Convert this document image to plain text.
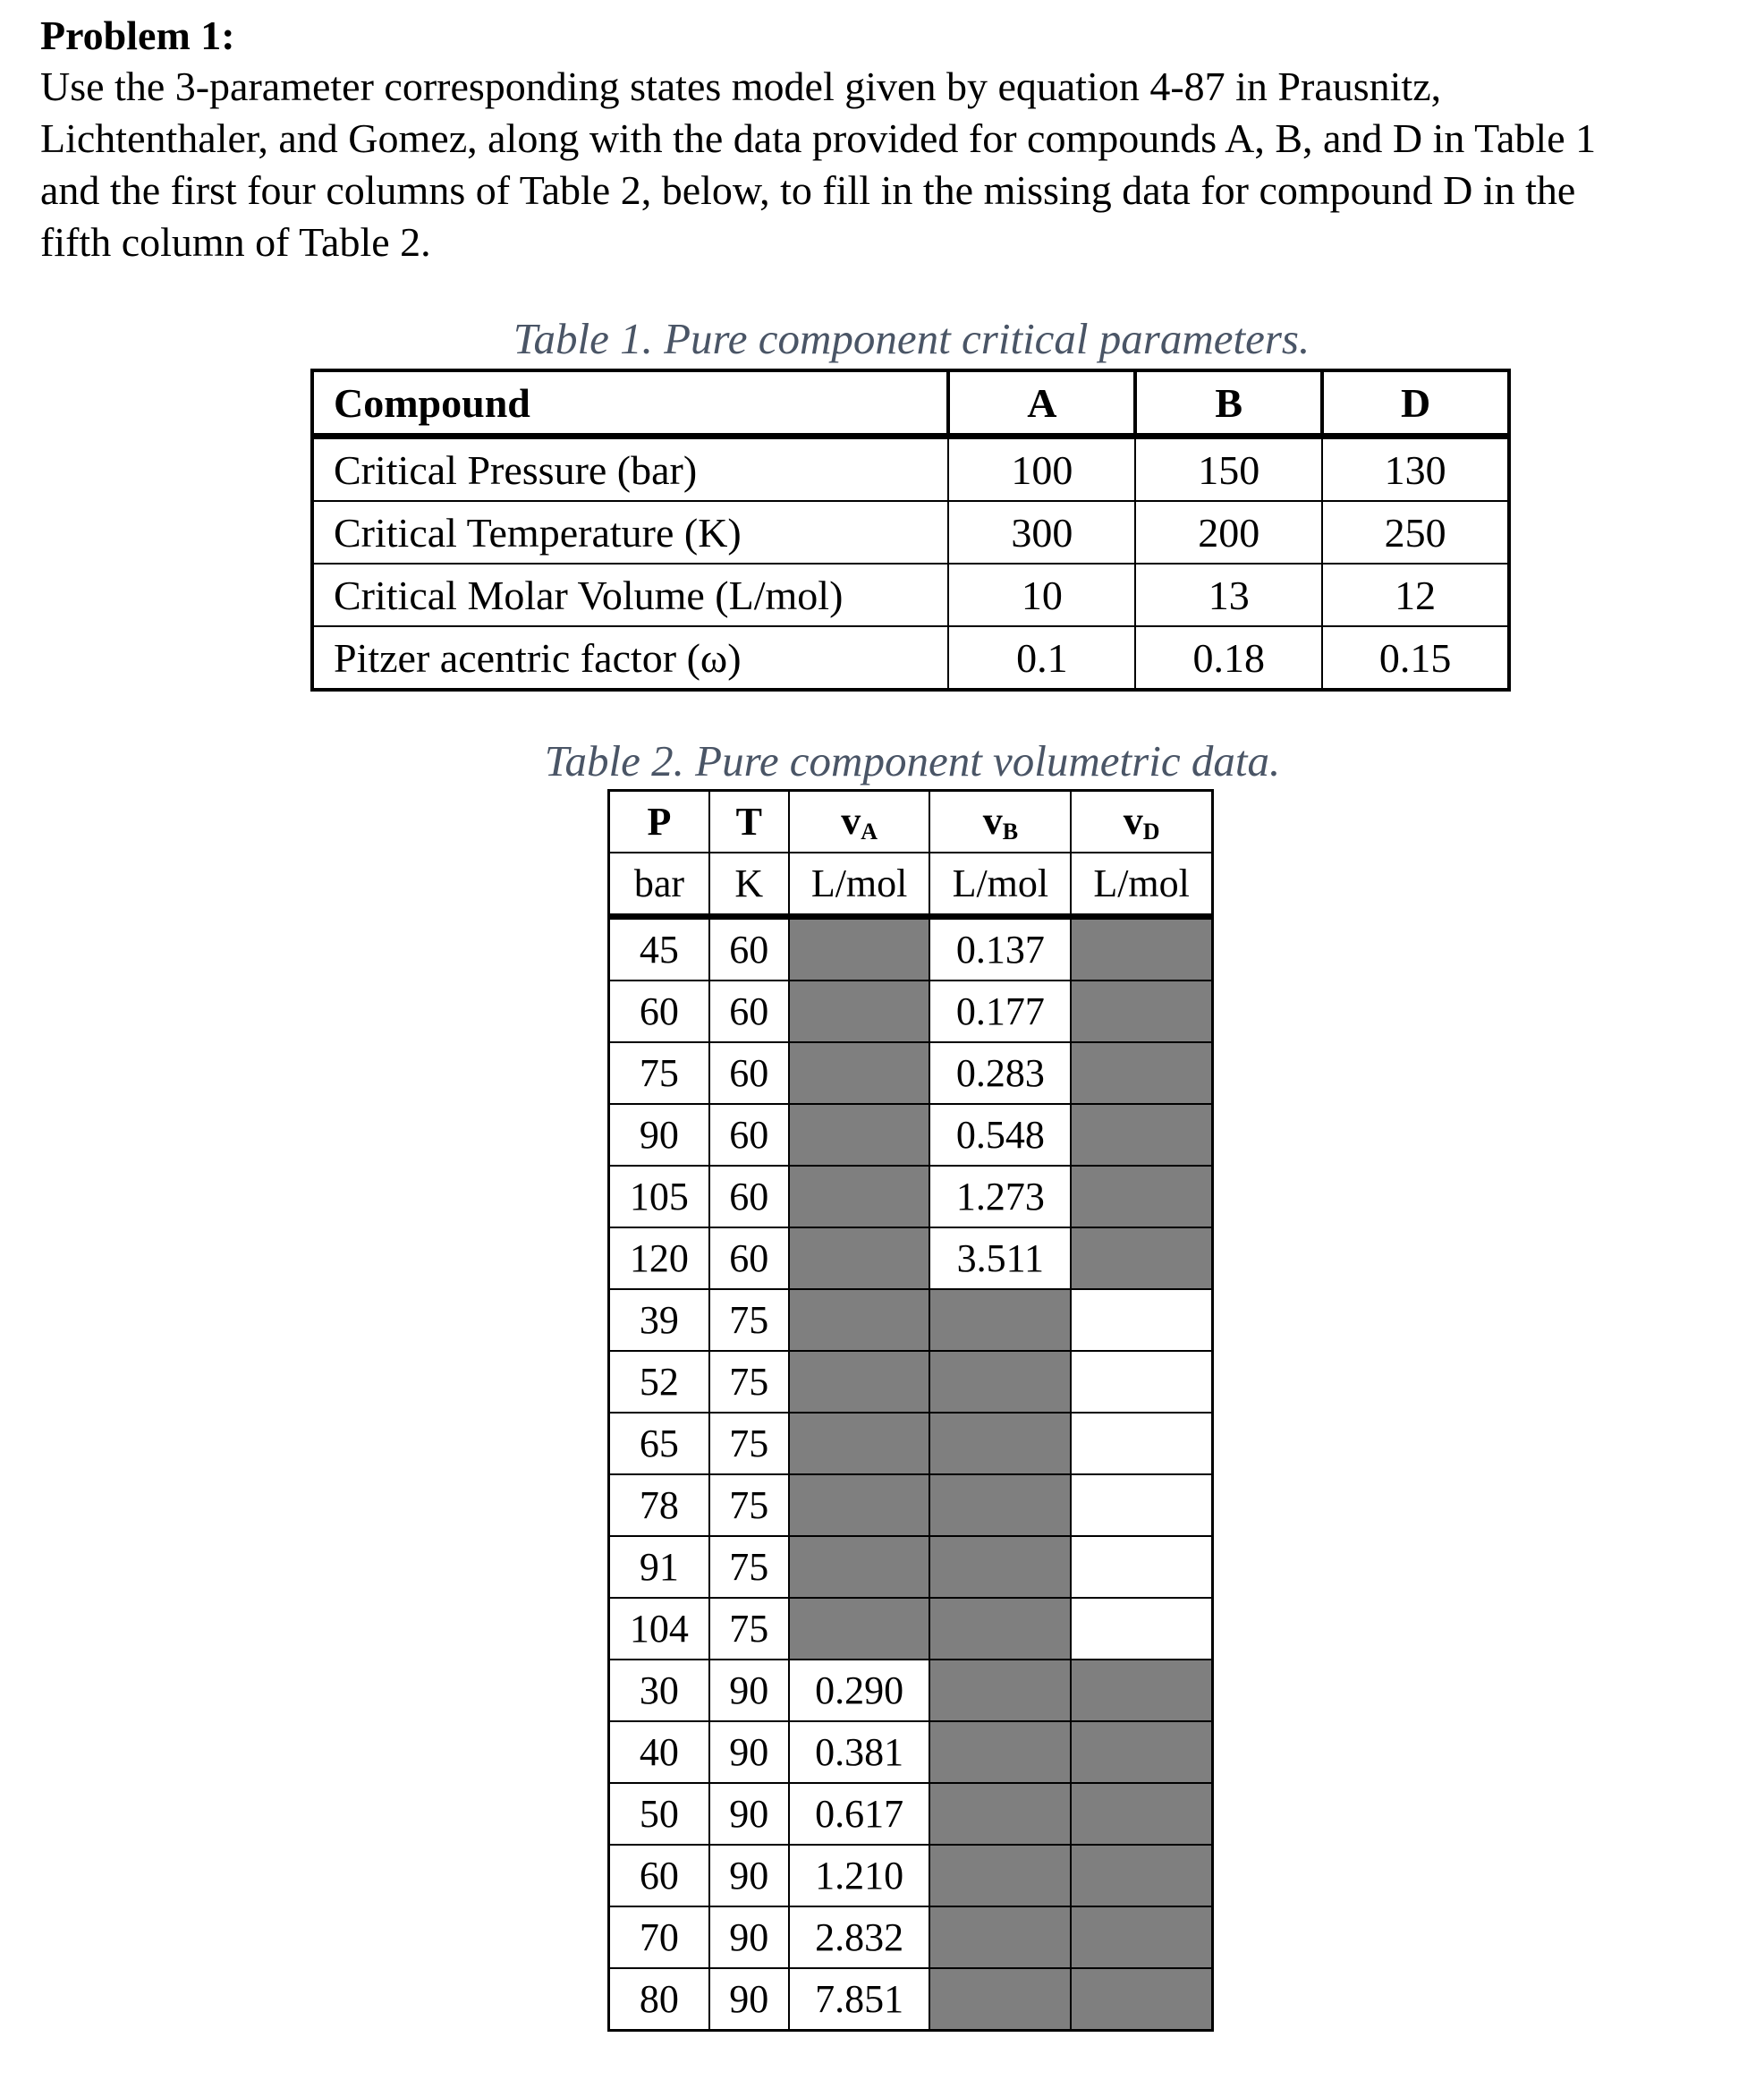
Problem 1:

Use the 3-parameter corresponding states model given by equation 4-87 in Prausnitz,
Lichtenthaler, and Gomez, along with the data provided for compounds A, B, and D in Table 1
and the first four columns of Table 2, below, to fill in the missing data for compound D in the
fifth column of Table 2.

Table 1. Pure component critical parameters.

Compound	A	B	D
Critical Pressure (bar)	100	150	130
Critical Temperature (K)	300	200	250
Critical Molar Volume (L/mol)	10	13	12
Pitzer acentric factor (ω)	0.1	0.18	0.15

Table 2. Pure component volumetric data.

P	T	$v_A$	$v_B$	$v_D$
bar	K	L/mol	L/mol	L/mol
45	60		0.137	
60	60		0.177	
75	60		0.283	
90	60		0.548	
105	60		1.273	
120	60		3.511	
39	75			
52	75			
65	75			
78	75			
91	75			
104	75			
30	90	0.290		
40	90	0.381		
50	90	0.617		
60	90	1.210		
70	90	2.832		
80	90	7.851		
